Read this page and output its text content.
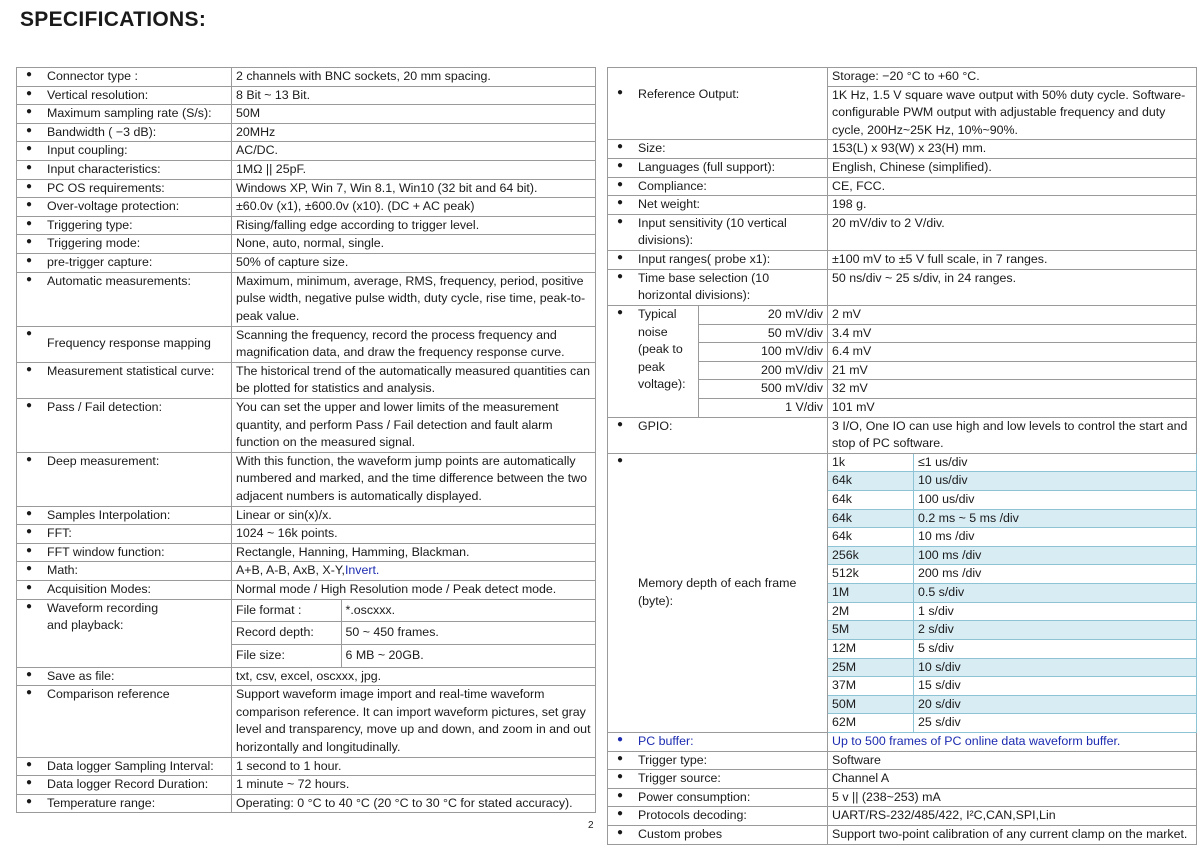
SPECIFICATIONS:
● Connector type :	2 channels with BNC sockets, 20 mm spacing.
● Vertical resolution:	8 Bit ~ 13 Bit.
● Maximum sampling rate (S/s):	50M
● Bandwidth ( −3 dB):	20MHz
● Input coupling:	AC/DC.
● Input characteristics:	1MΩ || 25pF.
● PC OS requirements:	Windows XP, Win 7, Win 8.1, Win10 (32 bit and 64 bit).
● Over-voltage protection:	±60.0v (x1), ±600.0v (x10). (DC + AC peak)
● Triggering type:	Rising/falling edge according to trigger level.
● Triggering mode:	None, auto, normal, single.
● pre-trigger capture:	50% of capture size.
● Automatic measurements:	Maximum, minimum, average, RMS, frequency, period, positive pulse width, negative pulse width, duty cycle, rise time, peak-to-peak value.
● Frequency response mapping	Scanning the frequency, record the process frequency and magnification data, and draw the frequency response curve.
● Measurement statistical curve:	The historical trend of the automatically measured quantities can be plotted for statistics and analysis.
● Pass / Fail detection:	You can set the upper and lower limits of the measurement quantity, and perform Pass / Fail detection and fault alarm function on the measured signal.
● Deep measurement:	With this function, the waveform jump points are automatically numbered and marked, and the time difference between the two adjacent numbers is automatically displayed.
● Samples Interpolation:	Linear or sin(x)/x.
● FFT:	1024 ~ 16k points.
● FFT window function:	Rectangle, Hanning, Hamming, Blackman.
● Math:	A+B, A-B, AxB, X-Y,Invert.
● Acquisition Modes:	Normal mode / High Resolution mode / Peak detect mode.
● Waveform recording
and playback:	
File format :	*.oscxxx.
Record depth:	50 ~ 450 frames.
File size:	6 MB ~ 20GB.

● Save as file:	txt, csv, excel, oscxxx, jpg.
● Comparison reference	Support waveform image import and real-time waveform comparison reference. It can import waveform pictures, set gray level and transparency, move up and down, and zoom in and out horizontally and longitudinally.
● Data logger Sampling Interval:	1 second to 1 hour.
● Data logger Record Duration:	1 minute ~ 72 hours.
● Temperature range:	Operating: 0 °C to 40 °C (20 °C to 30 °C for stated accuracy).
		Storage: −20 °C to +60 °C.	
● Reference Output:		1K Hz, 1.5 V square wave output with 50% duty cycle. Software-configurable PWM output with adjustable frequency and duty cycle, 200Hz~25K Hz, 10%~90%.	
● Size:		153(L) x 93(W) x 23(H) mm.	
● Languages (full support):		English, Chinese (simplified).	
● Compliance:		CE, FCC.	
● Net weight:		198 g.	
● Input sensitivity (10 vertical divisions):		20 mV/div to 2 V/div.	
● Input ranges( probe x1):		±100 mV to ±5 V full scale, in 7 ranges.	
● Time base selection (10 horizontal divisions):		50 ns/div ~ 25 s/div, in 24 ranges.	
● Typical noise (peak to peak voltage):	20 mV/div	2 mV	
	50 mV/div	3.4 mV	
	100 mV/div	6.4 mV	
	200 mV/div	21 mV	
	500 mV/div	32 mV	
	1 V/div	101 mV	
● GPIO:		3 I/O, One IO can use high and low levels to control the start and stop of PC software.	
● Memory depth of each frame (byte):		1k	≤1 us/div
		64k	10 us/div
		64k	100 us/div
		64k	0.2 ms ~ 5 ms /div
		64k	10 ms /div
		256k	100 ms /div
		512k	200 ms /div
		1M	0.5 s/div
		2M	1 s/div
		5M	2 s/div
		12M	5 s/div
		25M	10 s/div
		37M	15 s/div
		50M	20 s/div
		62M	25 s/div
● PC buffer:		Up to 500 frames of PC online data waveform buffer.	
● Trigger type:		Software	
● Trigger source:		Channel A	
● Power consumption:		5 v || (238~253) mA	
● Protocols decoding:		UART/RS-232/485/422, I²C,CAN,SPI,Lin	
● Custom probes		Support two-point calibration of any current clamp on the market.	
2
